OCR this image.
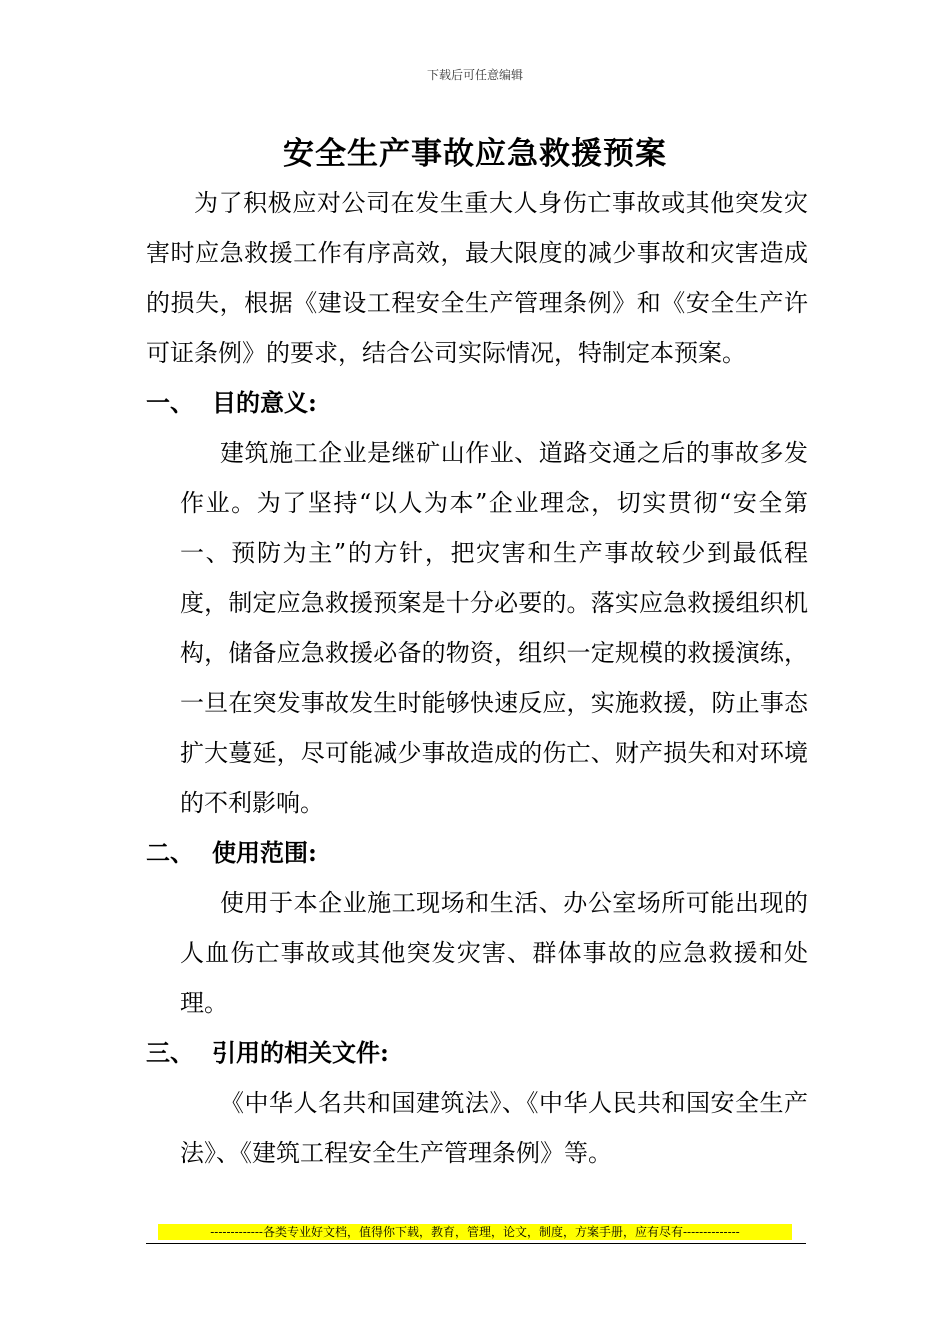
下载后可任意编辑
安全生产事故应急救援预案

为了积极应对公司在发生重大人身伤亡事故或其他突发灾害时应急救援工作有序高效，最大限度的减少事故和灾害造成的损失，根据《建设工程安全生产管理条例》和《安全生产许可证条例》的要求，结合公司实际情况，特制定本预案。

一、 目的意义:

建筑施工企业是继矿山作业、道路交通之后的事故多发作业。为了坚持“以人为本”企业理念，切实贯彻“安全第一、预防为主”的方针，把灾害和生产事故较少到最低程度，制定应急救援预案是十分必要的。落实应急救援组织机构，储备应急救援必备的物资，组织一定规模的救援演练，一旦在突发事故发生时能够快速反应，实施救援，防止事态扩大蔓延，尽可能减少事故造成的伤亡、财产损失和对环境的不利影响。

二、 使用范围:

使用于本企业施工现场和生活、办公室场所可能出现的人血伤亡事故或其他突发灾害、群体事故的应急救援和处理。

三、 引用的相关文件:

《中华人名共和国建筑法》、《中华人民共和国安全生产法》、《建筑工程安全生产管理条例》等。

-------------各类专业好文档，值得你下载，教育，管理，论文，制度，方案手册，应有尽有--------------
